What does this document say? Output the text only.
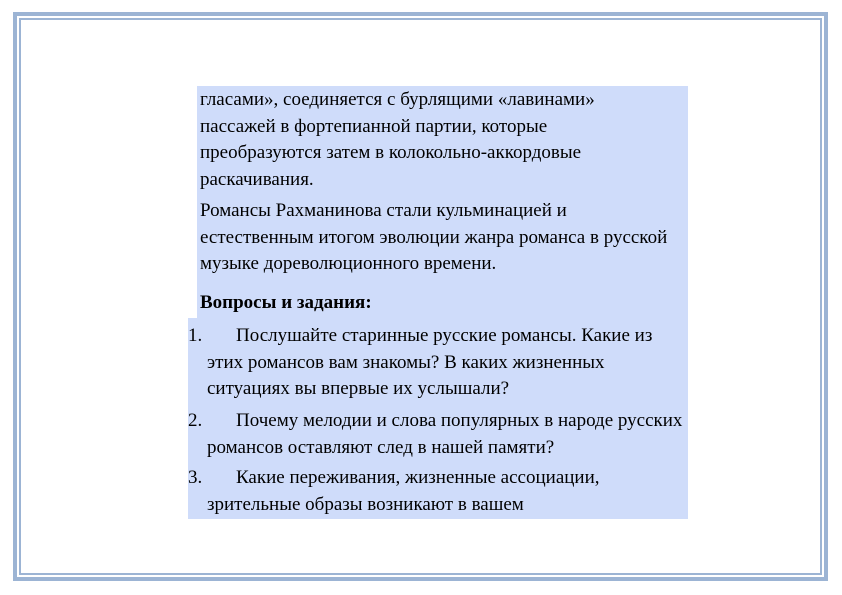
гласами», соединяется с бурлящими «лавинами» пассажей в фортепианной партии, которые преобразуются затем в колокольно-аккордовые раскачивания.

Романсы Рахманинова стали кульминацией и естественным итогом эволюции жанра романса в русской музыке дореволюционного времени.

Вопросы и задания:

1.	Послушайте старинные русские романсы. Какие из этих романсов вам знакомы? В каких жизненных ситуациях вы впервые их услышали?
2.	Почему мелодии и слова популярных в народе русских романсов оставляют след в нашей памяти?
3.	Какие переживания, жизненные ассоциации, зрительные образы возникают в вашем
